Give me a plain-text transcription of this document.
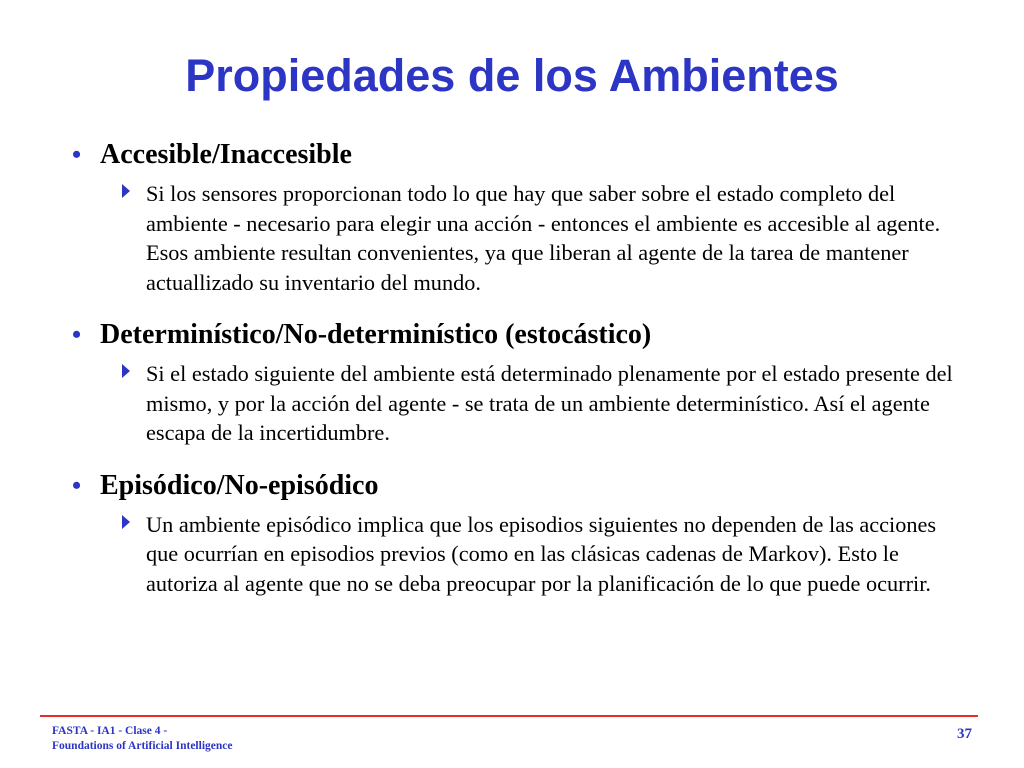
Propiedades de los Ambientes
• Accesible/Inaccesible
Si los sensores proporcionan todo lo que hay que saber sobre el estado completo del ambiente - necesario para elegir una acción - entonces el ambiente es accesible al agente. Esos ambiente resultan convenientes, ya que liberan al agente de la tarea de mantener actuallizado su inventario del mundo.
• Determinístico/No-determinístico (estocástico)
Si el estado siguiente del ambiente está determinado plenamente por el estado presente del mismo, y por la acción del agente - se trata de un ambiente determinístico. Así el agente escapa de la incertidumbre.
• Episódico/No-episódico
Un ambiente episódico implica que los episodios siguientes no dependen de las acciones que ocurrían en episodios previos (como en las clásicas cadenas de Markov). Esto le autoriza al agente que no se deba preocupar por la planificación de lo que puede ocurrir.
FASTA - IA1 - Clase 4 -
Foundations of Artificial Intelligence
37
